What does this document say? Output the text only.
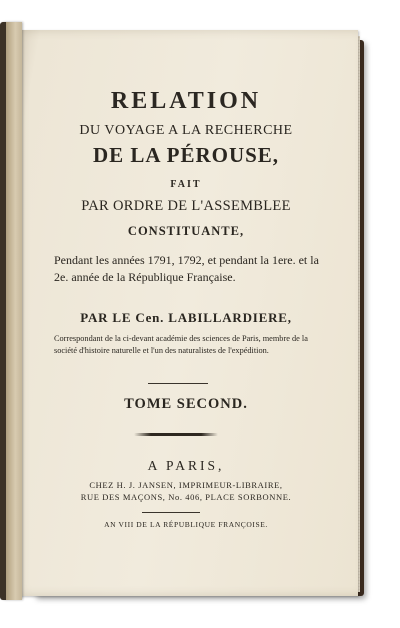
RELATION
DU VOYAGE A LA RECHERCHE
DE LA PÉROUSE,
FAIT
PAR ORDRE DE L'ASSEMBLEE
CONSTITUANTE,
Pendant les années 1791, 1792, et pendant la 1ere. et la 2e. année de la République Française.
PAR LE Cen. LABILLARDIERE,
Correspondant de la ci-devant académie des sciences de Paris, membre de la société d'histoire naturelle et l'un des naturalistes de l'expédition.
TOME SECOND.
A PARIS,
CHEZ H. J. JANSEN, IMPRIMEUR-LIBRAIRE,
RUE DES MAÇONS, No. 406, PLACE SORBONNE.
AN VIII DE LA RÉPUBLIQUE FRANÇOISE.
